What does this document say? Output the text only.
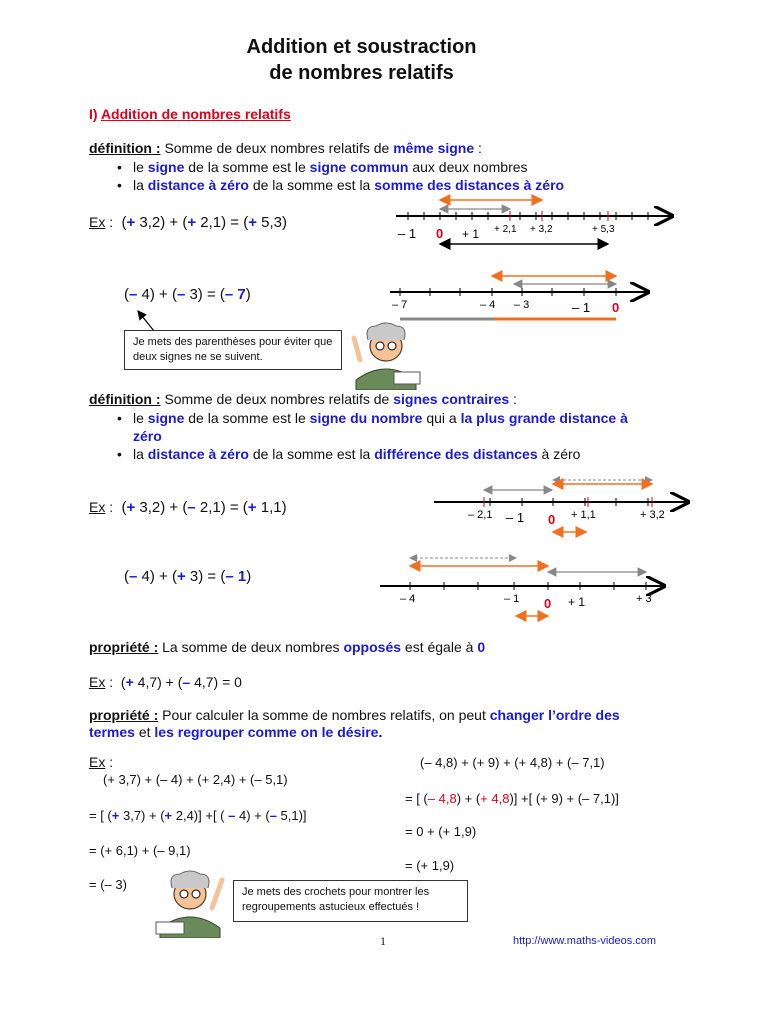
Addition et soustraction
de nombres relatifs
I) Addition de nombres relatifs
définition : Somme de deux nombres relatifs de même signe :
• le signe de la somme est le signe commun aux deux nombres
• la distance à zéro de la somme est la somme des distances à zéro
Ex : (+ 3,2) + (+ 2,1) = (+ 5,3)
– 1 0 + 1 + 2,1 + 3,2	+ 5,3
(– 4) + (– 3) = (– 7)
– 7	– 4 – 3	– 1 0
Je mets des parenthèses pour éviter que deux signes ne se suivent.
définition : Somme de deux nombres relatifs de signes contraires :
• le signe de la somme est le signe du nombre qui a la plus grande distance à
zéro
• la distance à zéro de la somme est la différence des distances à zéro
Ex : (+ 3,2) + (– 2,1) = (+ 1,1)	– 2,1 – 1 0 + 1,1	+ 3,2
(– 4) + (+ 3) = (– 1)
– 4	– 1 0 + 1	+ 3
propriété : La somme de deux nombres opposés est égale à 0
Ex : (+ 4,7) + (– 4,7) = 0
propriété : Pour calculer la somme de nombres relatifs, on peut changer l’ordre des
termes et les regrouper comme on le désire.
Ex :
(+ 3,7) + (– 4) + (+ 2,4) + (– 5,1)
= [ (+ 3,7) + (+ 2,4)] +[ ( – 4) + (– 5,1)]
= (+ 6,1) + (– 9,1)
= (– 3)
(– 4,8) + (+ 9) + (+ 4,8) + (– 7,1)
= [ (– 4,8) + (+ 4,8)] +[ (+ 9) + (– 7,1)]
= 0 + (+ 1,9)
= (+ 1,9)
Je mets des crochets pour montrer les regroupements astucieux effectués !
1	http://www.maths-videos.com
